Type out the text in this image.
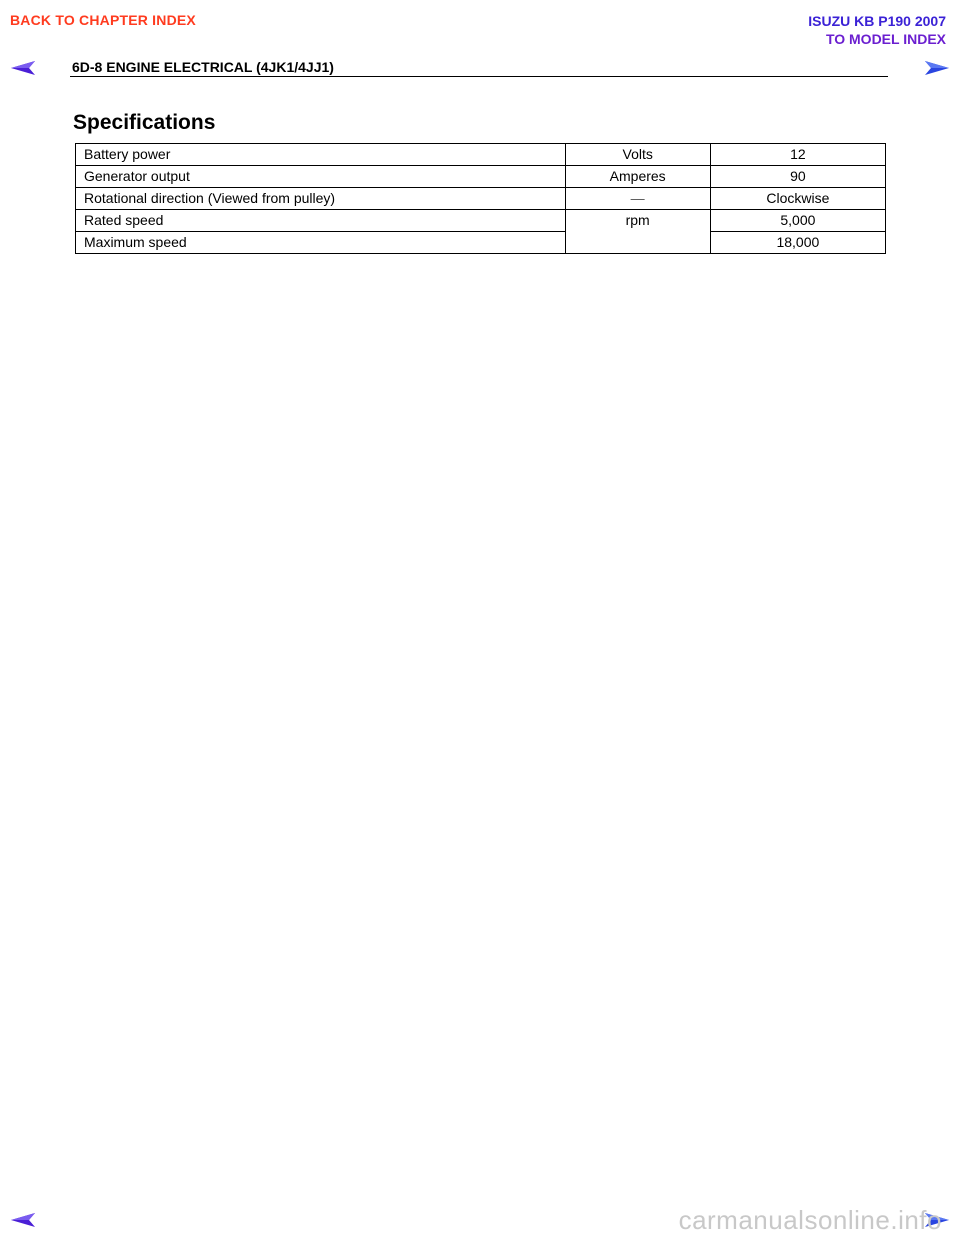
BACK TO CHAPTER INDEX	ISUZU KB P190 2007
TO MODEL INDEX
6D-8 ENGINE ELECTRICAL (4JK1/4JJ1)
Specifications
Battery power	Volts	12
Generator output	Amperes	90
Rotational direction (Viewed from pulley)	—	Clockwise
Rated speed	rpm	5,000
Maximum speed		18,000
carmanualsonline.info
